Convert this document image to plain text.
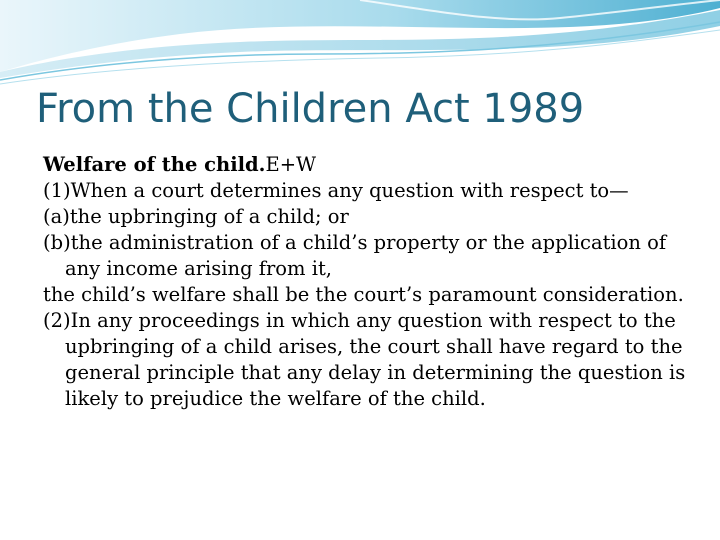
From the Children Act 1989

Welfare of the child.E+W

(1)When a court determines any question with respect to—

(a)the upbringing of a child; or

(b)the administration of a child’s property or the application of any income arising from it,

the child’s welfare shall be the court’s paramount consideration.

(2)In any proceedings in which any question with respect to the upbringing of a child arises, the court shall have regard to the general principle that any delay in determining the question is likely to prejudice the welfare of the child.
